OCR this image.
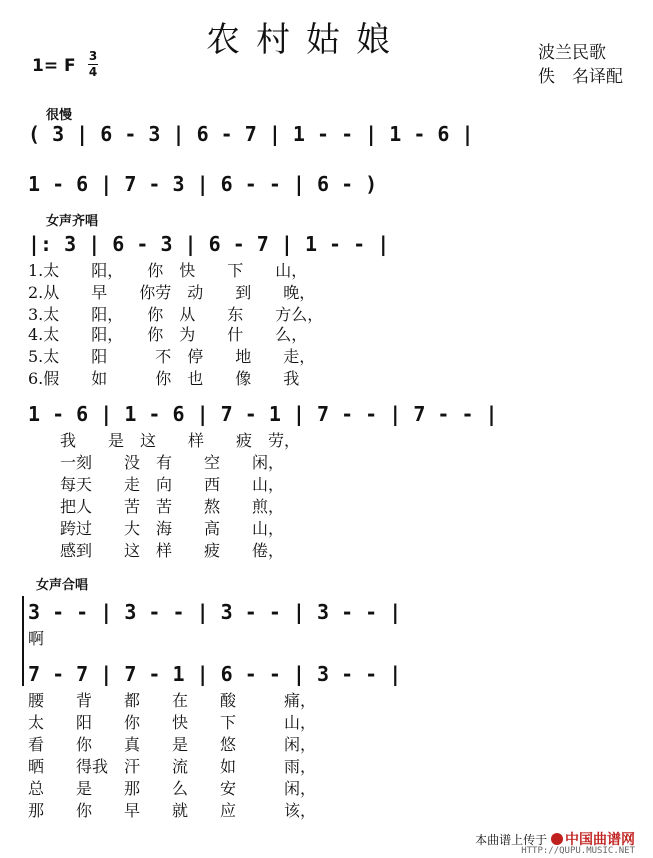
农村姑娘	波兰民歌
佚　名译配
1= F 3
4
很慢
( 3 | 6 - 3 | 6 - 7 | 1 - - | 1 - 6 |
1 - 6 | 7 - 3 | 6 - - | 6 - )
女声齐唱
|: 3 | 6 - 3 | 6 - 7 | 1 - - |
1.太　　阳，　　你　快　　下　　山，
2.从　　早　　你劳　动　　到　　晚，
3.太　　阳，　　你　从　　东　　方么，
4.太　　阳，　　你　为　　什　　么，
5.太　　阳　　　不　停　　地　　走，
6.假　　如　　　你　也　　像　　我
1 - 6 | 1 - 6 | 7 - 1 | 7 - - | 7 - - |
　　我　　是　这　　样　　疲　劳，
　　一刻　　没　有　　空　　闲，
　　每天　　走　向　　西　　山，
　　把人　　苦　苦　　熬　　煎，
　　跨过　　大　海　　高　　山，
　　感到　　这　样　　疲　　倦，
女声合唱
3 - - | 3 - - | 3 - - | 3 - - |
啊
7 - 7 | 7 - 1 | 6 - - | 3 - - |
腰　　背　　都　　在　　酸　　　痛，
太　　阳　　你　　快　　下　　　山，
看　　你　　真　　是　　悠　　　闲，
晒　　得我　汗　　流　　如　　　雨，
总　　是　　那　　么　　安　　　闲，
那　　你　　早　　就　　应　　　该，
本曲谱上传于 中国曲谱网
HTTP://QUPU.MUSIC.NET
